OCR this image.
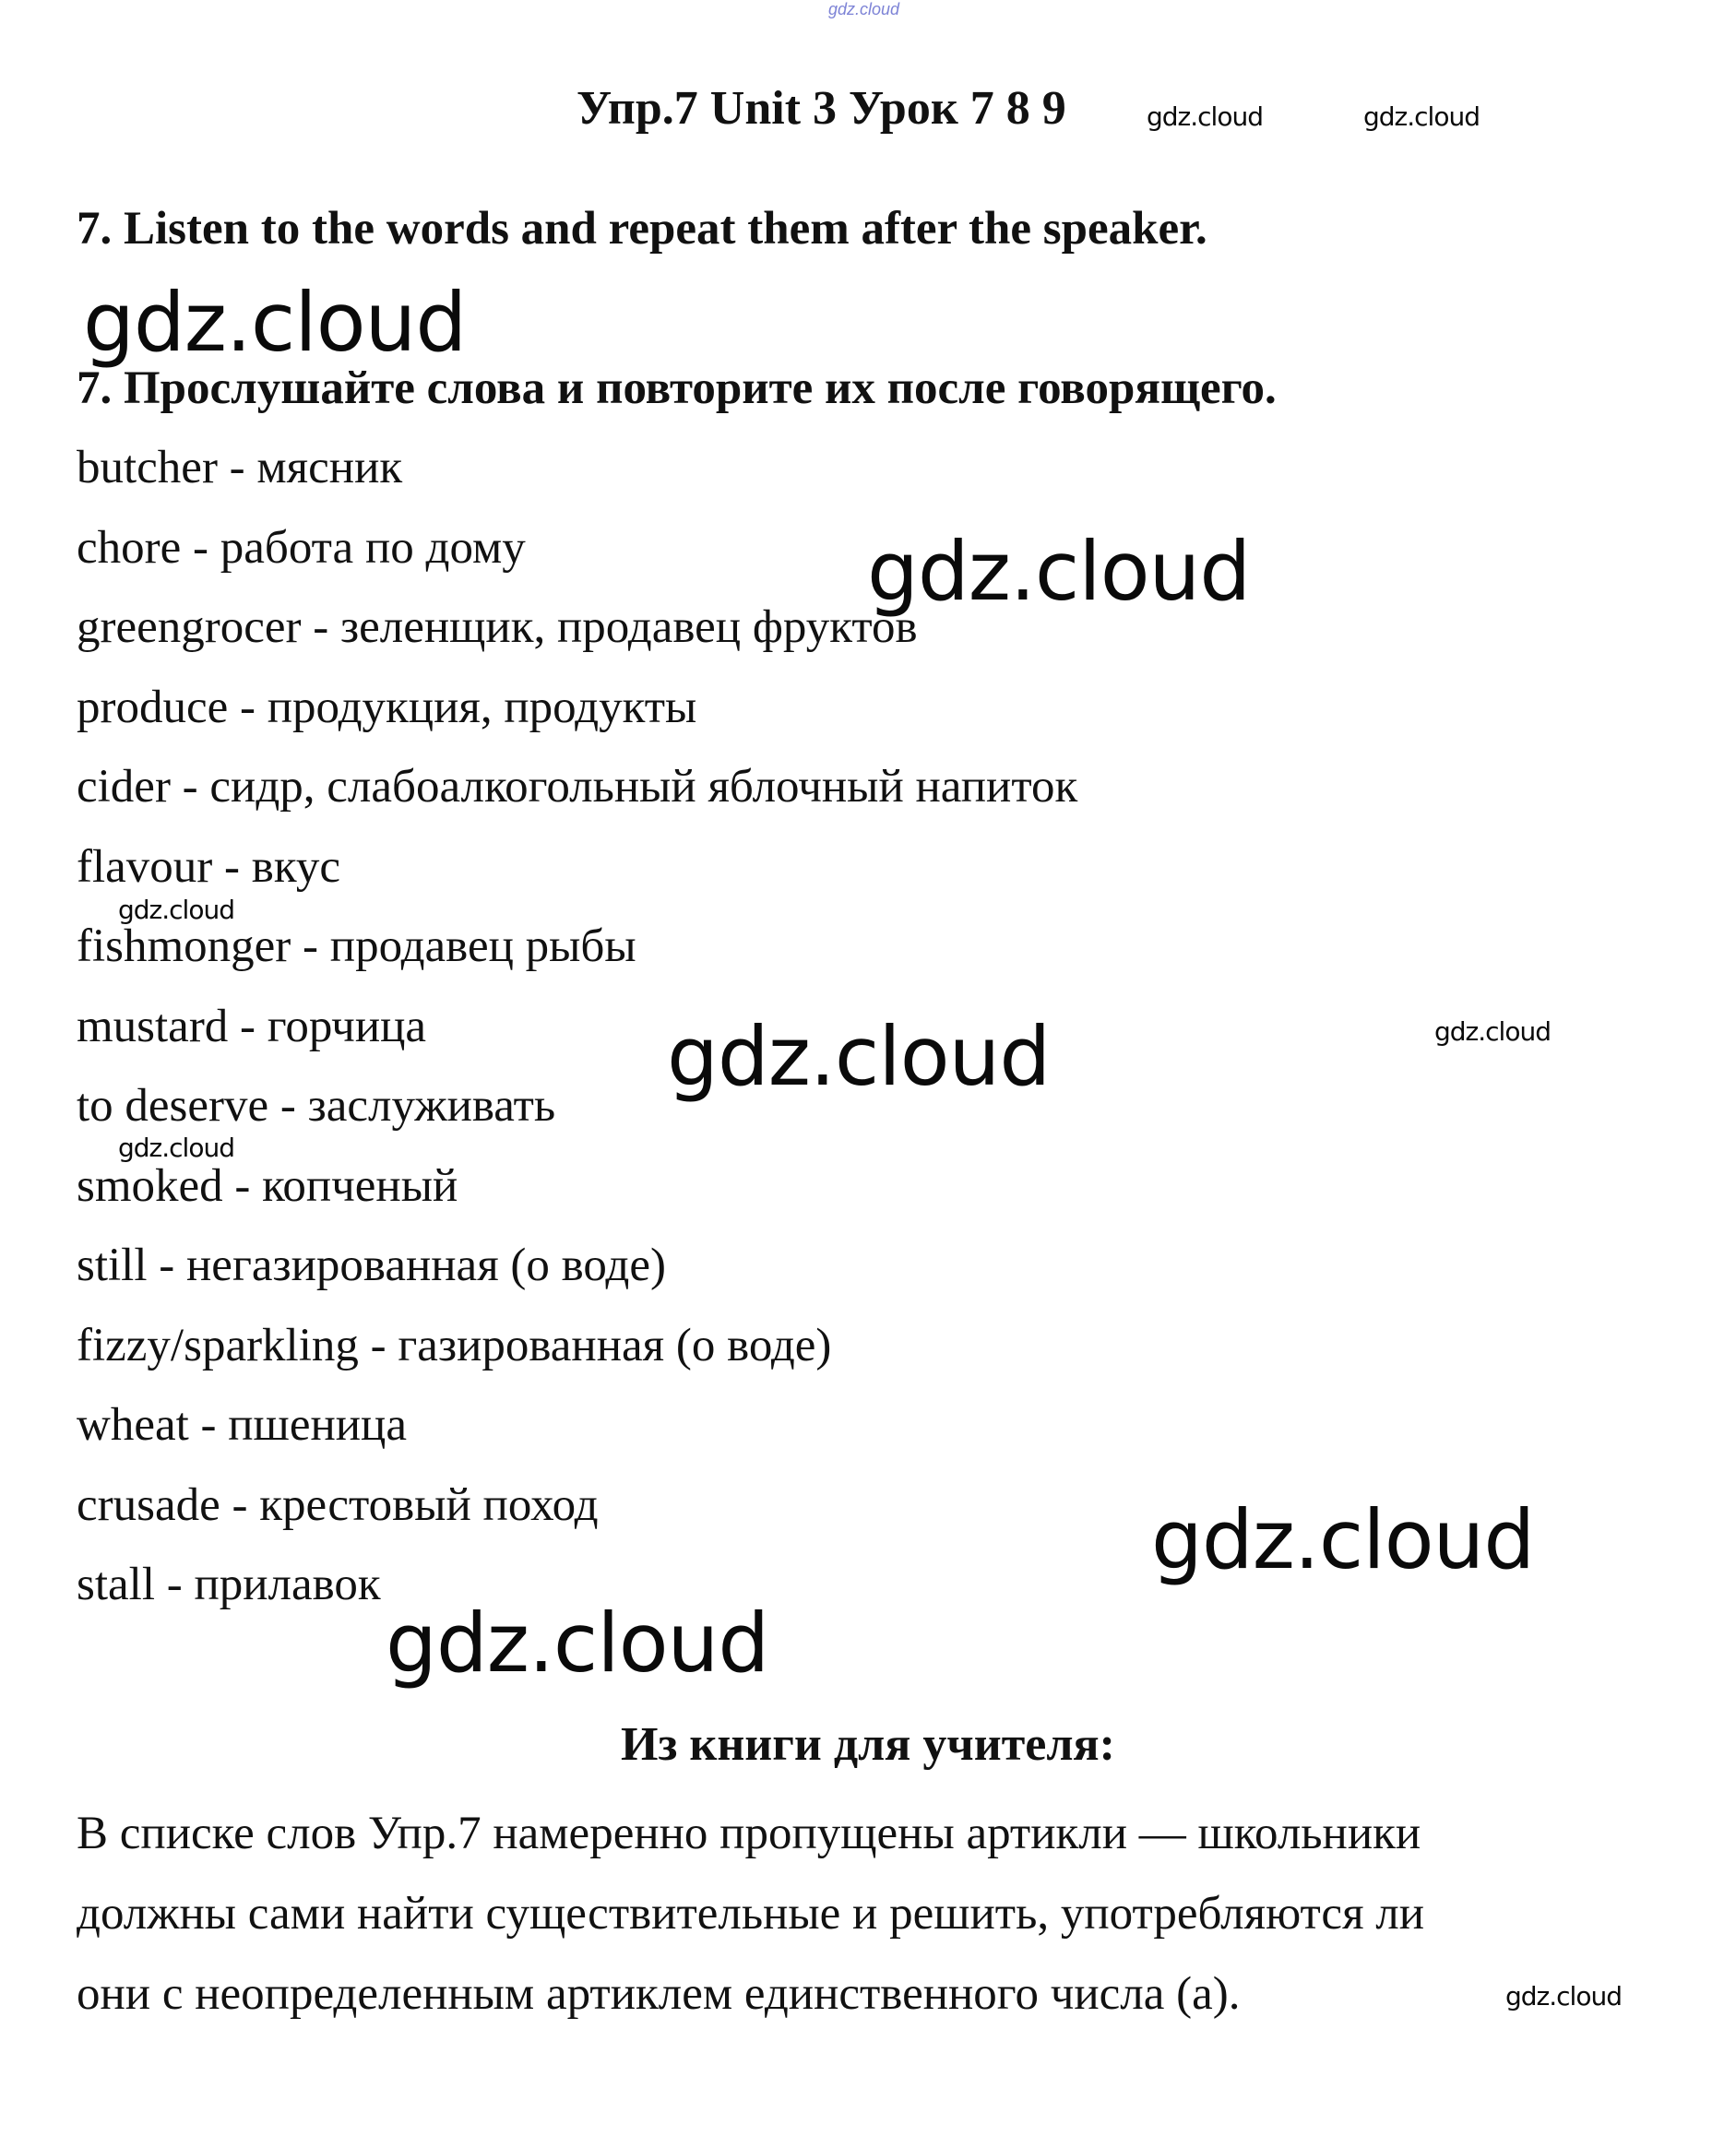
gdz.cloud
Упр.7 Unit 3 Урок 7 8 9
7. Listen to the words and repeat them after the speaker.
7. Прослушайте слова и повторите их после говорящего.
butcher - мясник
chore - работа по дому
greengrocer - зеленщик, продавец фруктов
produce - продукция, продукты
cider - сидр, слабоалкогольный яблочный напиток
flavour - вкус
fishmonger - продавец рыбы
mustard - горчица
to deserve - заслуживать
smoked - копченый
still - негазированная (о воде)
fizzy/sparkling - газированная (о воде)
wheat - пшеница
crusade - крестовый поход
stall - прилавок
Из книги для учителя:

В списке слов Упр.7 намеренно пропущены артикли — школьники
должны сами найти существительные и решить, употребляются ли
они с неопределенным артиклем единственного числа (a).

gdz.cloud	gdz.cloud
gdz.cloud
gdz.cloud
gdz.cloud
gdz.cloud	gdz.cloud
gdz.cloud
gdz.cloud
gdz.cloud
gdz.cloud
